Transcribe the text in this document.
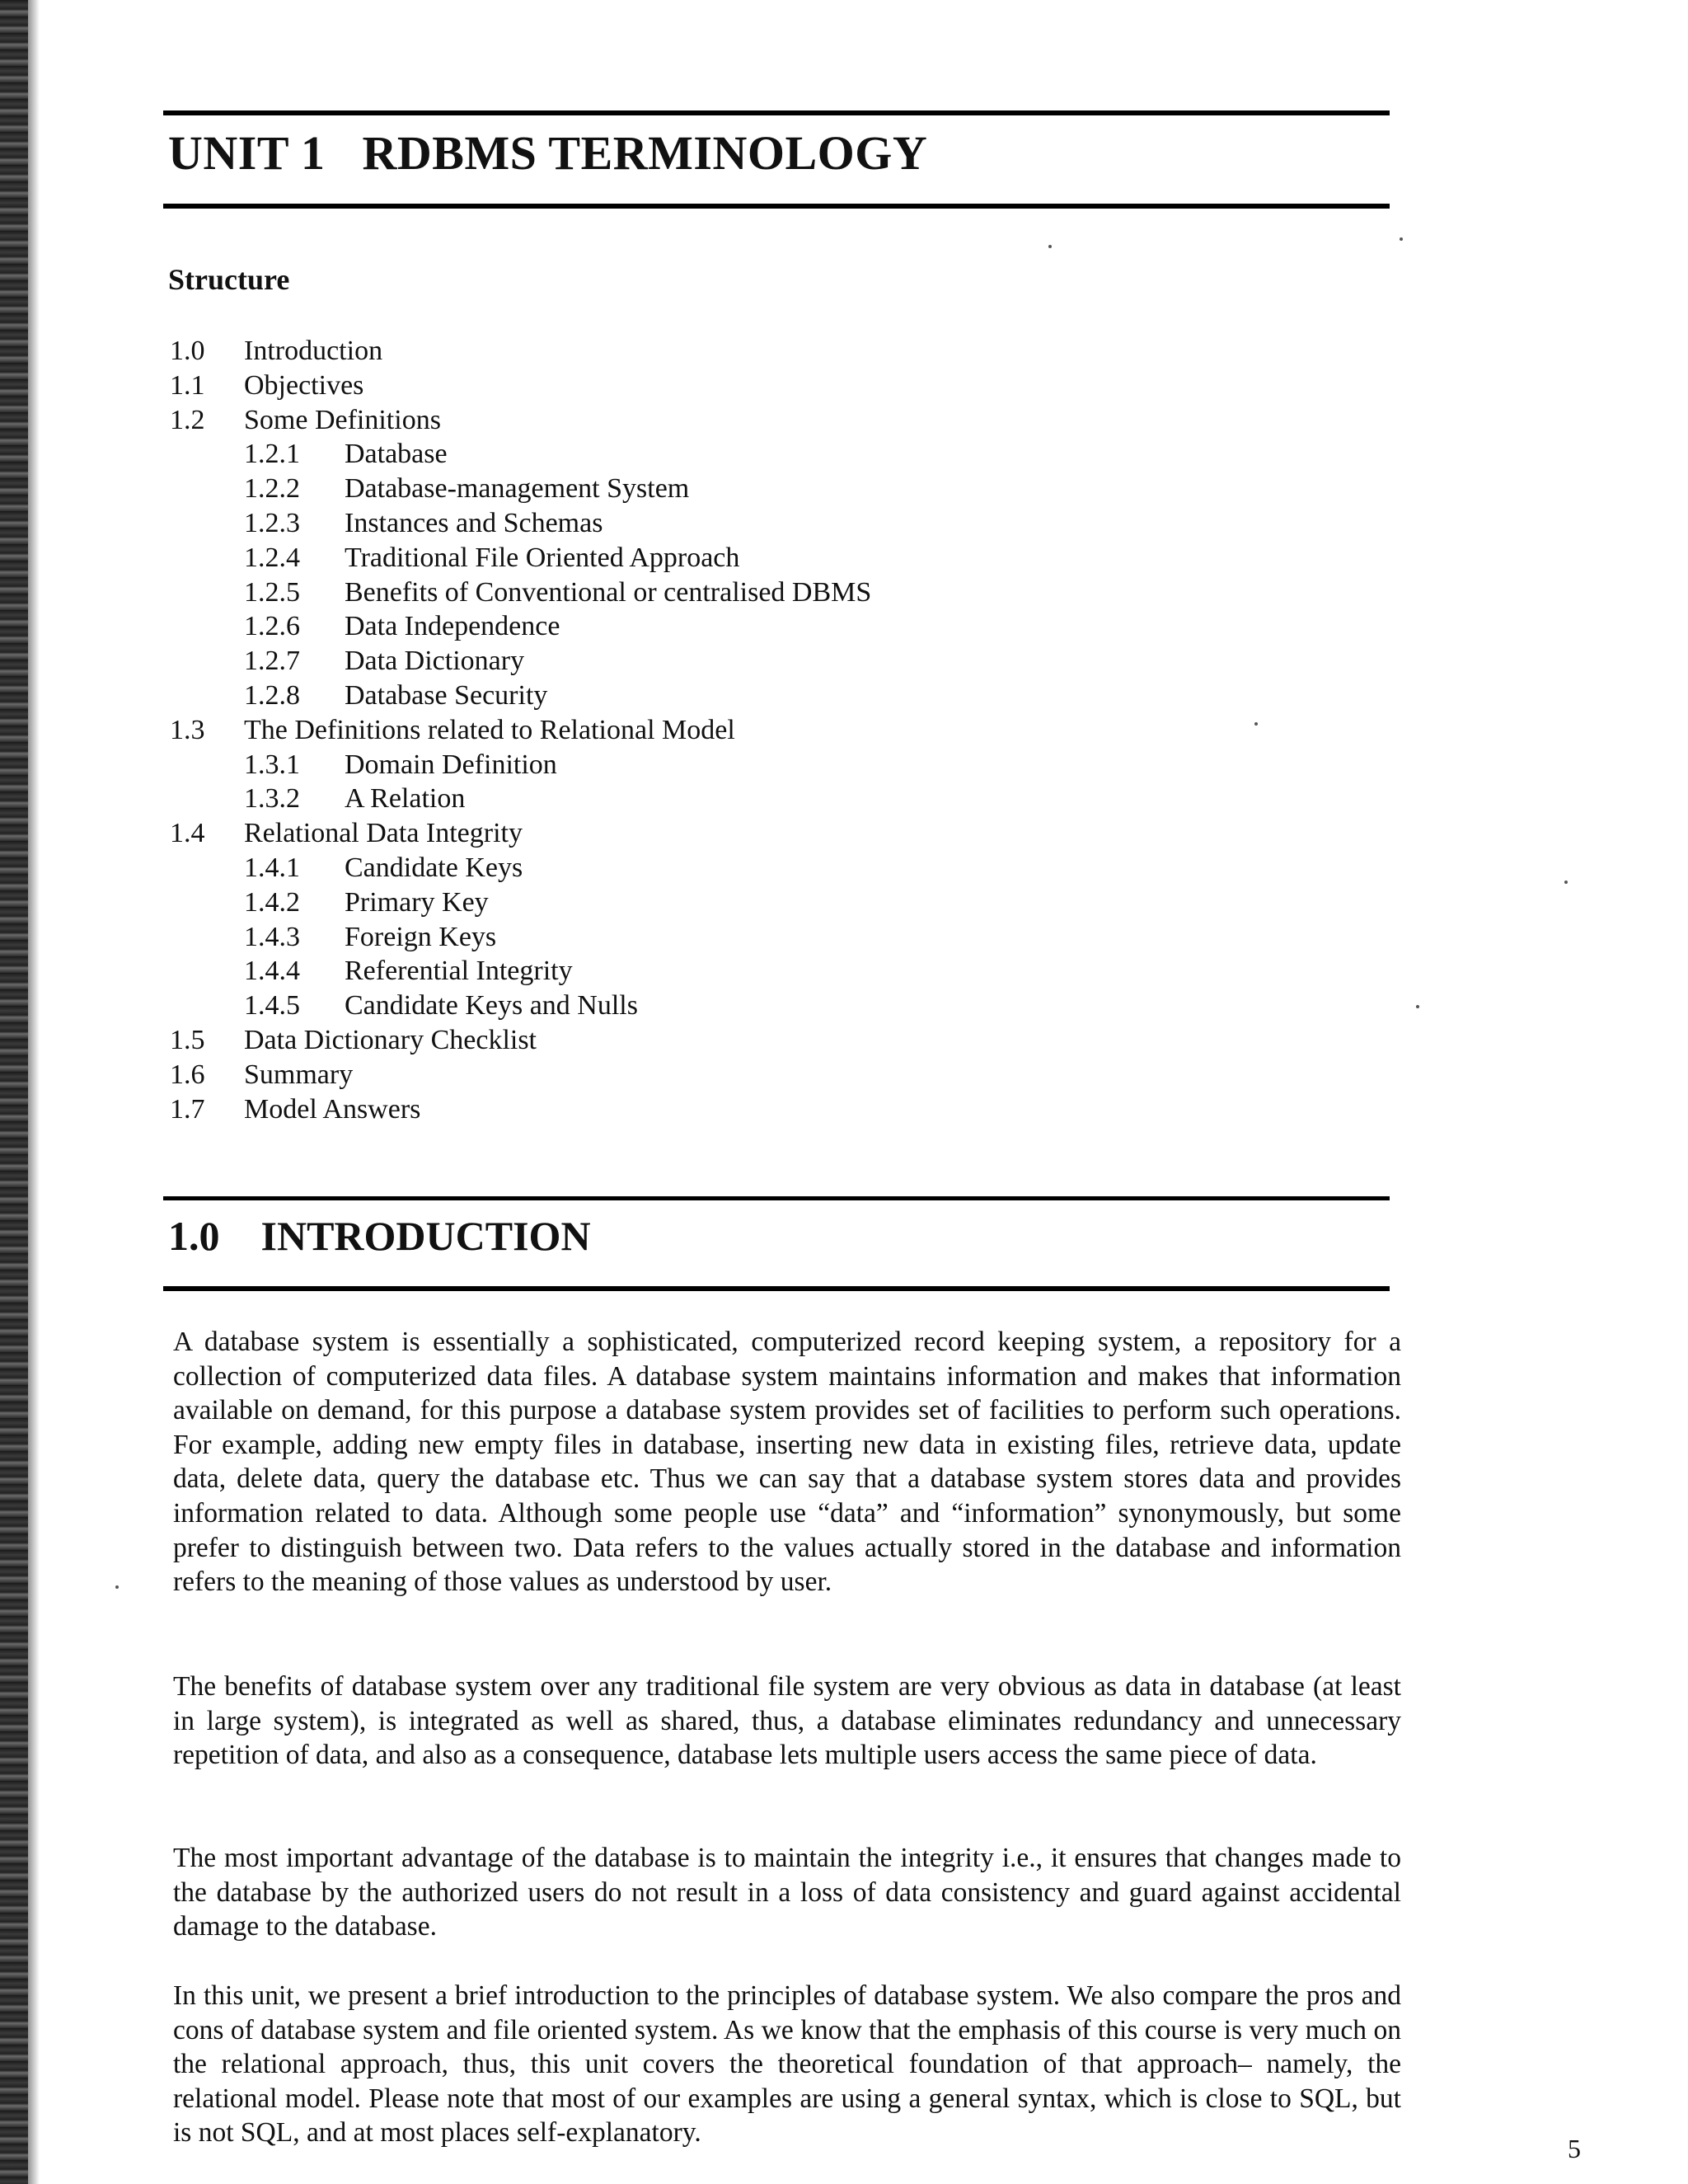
UNIT 1   RDBMS TERMINOLOGY
Structure
1.0 Introduction
1.1 Objectives
1.2 Some Definitions
1.2.1 Database
1.2.2 Database-management System
1.2.3 Instances and Schemas
1.2.4 Traditional File Oriented Approach
1.2.5 Benefits of Conventional or centralised DBMS
1.2.6 Data Independence
1.2.7 Data Dictionary
1.2.8 Database Security
1.3 The Definitions related to Relational Model
1.3.1 Domain Definition
1.3.2 A Relation
1.4 Relational Data Integrity
1.4.1 Candidate Keys
1.4.2 Primary Key
1.4.3 Foreign Keys
1.4.4 Referential Integrity
1.4.5 Candidate Keys and Nulls
1.5 Data Dictionary Checklist
1.6 Summary
1.7 Model Answers
1.0    INTRODUCTION

A database system is essentially a sophisticated, computerized record keeping system, a repository for a collection of computerized data files. A database system maintains information and makes that information available on demand, for this purpose a database system provides set of facilities to perform such operations. For example, adding new empty files in database, inserting new data in existing files, retrieve data, update data, delete data, query the database etc. Thus we can say that a database system stores data and provides information related to data. Although some people use “data” and “information” synonymously, but some prefer to distinguish between two. Data refers to the values actually stored in the database and information refers to the meaning of those values as understood by user.

The benefits of database system over any traditional file system are very obvious as data in database (at least in large system), is integrated as well as shared, thus, a database eliminates redundancy and unnecessary repetition of data, and also as a consequence, database lets multiple users access the same piece of data.

The most important advantage of the database is to maintain the integrity i.e., it ensures that changes made to the database by the authorized users do not result in a loss of data consistency and guard against accidental damage to the database.

In this unit, we present a brief introduction to the principles of database system. We also compare the pros and cons of database system and file oriented system. As we know that the emphasis of this course is very much on the relational approach, thus, this unit covers the theoretical foundation of that approach– namely, the relational model. Please note that most of our examples are using a general syntax, which is close to SQL, but is not SQL, and at most places self-explanatory.

5
